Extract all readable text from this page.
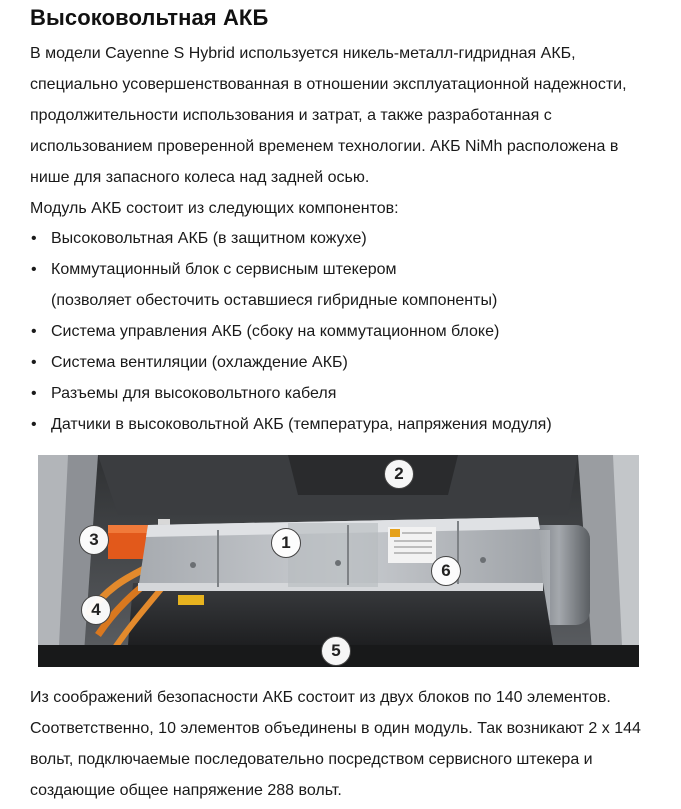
Высоковольтная АКБ

В модели Cayenne S Hybrid используется никель-металл-гидридная АКБ,

специально усовершенствованная в отношении эксплуатационной надежности,

продолжительности использования и затрат, а также разработанная с

использованием проверенной временем технологии. АКБ NiMh расположена в

нише для запасного колеса над задней осью.

Модуль АКБ состоит из следующих компонентов:

• Высоковольтная АКБ (в защитном кожухе)
• Коммутационный блок с сервисным штекером
(позволяет обесточить оставшиеся гибридные компоненты)
• Система управления АКБ (сбоку на коммутационном блоке)
• Система вентиляции (охлаждение АКБ)
• Разъемы для высоковольтного кабеля
• Датчики в высоковольтной АКБ (температура, напряжения модуля)
1
2
3
4
5
6
Из соображений безопасности АКБ состоит из двух блоков по 140 элементов.
Соответственно, 10 элементов объединены в один модуль. Так возникают 2 x 144
вольт, подключаемые последовательно посредством сервисного штекера и
создающие общее напряжение 288 вольт.
